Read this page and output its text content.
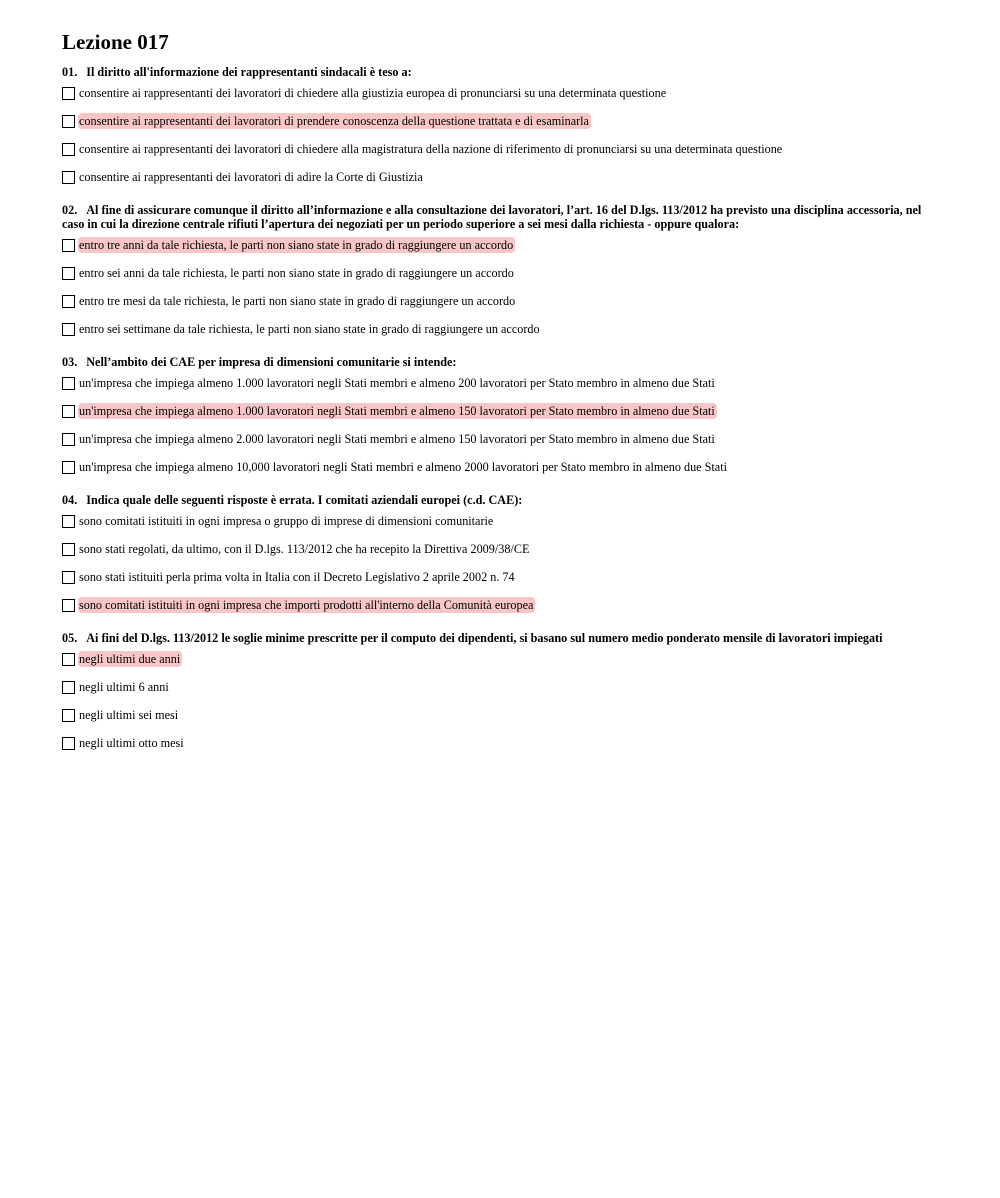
Lezione 017

01. Il diritto all'informazione dei rappresentanti sindacali è teso a:

consentire ai rappresentanti dei lavoratori di chiedere alla giustizia europea di pronunciarsi su una determinata questione
consentire ai rappresentanti dei lavoratori di prendere conoscenza della questione trattata e di esaminarla
consentire ai rappresentanti dei lavoratori di chiedere alla magistratura della nazione di riferimento di pronunciarsi su una determinata questione
consentire ai rappresentanti dei lavoratori di adire la Corte di Giustizia

02. Al fine di assicurare comunque il diritto all’informazione e alla consultazione dei lavoratori, l’art. 16 del D.lgs. 113/2012 ha previsto una disciplina accessoria, nel caso in cui la direzione centrale rifiuti l’apertura dei negoziati per un periodo superiore a sei mesi dalla richiesta - oppure qualora:

entro tre anni da tale richiesta, le parti non siano state in grado di raggiungere un accordo
entro sei anni da tale richiesta, le parti non siano state in grado di raggiungere un accordo
entro tre mesi da tale richiesta, le parti non siano state in grado di raggiungere un accordo
entro sei settimane da tale richiesta, le parti non siano state in grado di raggiungere un accordo

03. Nell’ambito dei CAE per impresa di dimensioni comunitarie si intende:

un'impresa che impiega almeno 1.000 lavoratori negli Stati membri e almeno 200 lavoratori per Stato membro in almeno due Stati
un'impresa che impiega almeno 1.000 lavoratori negli Stati membri e almeno 150 lavoratori per Stato membro in almeno due Stati
un'impresa che impiega almeno 2.000 lavoratori negli Stati membri e almeno 150 lavoratori per Stato membro in almeno due Stati
un'impresa che impiega almeno 10,000 lavoratori negli Stati membri e almeno 2000 lavoratori per Stato membro in almeno due Stati

04. Indica quale delle seguenti risposte è errata. I comitati aziendali europei (c.d. CAE):

sono comitati istituiti in ogni impresa o gruppo di imprese di dimensioni comunitarie
sono stati regolati, da ultimo, con il D.lgs. 113/2012 che ha recepito la Direttiva 2009/38/CE
sono stati istituiti perla prima volta in Italia con il Decreto Legislativo 2 aprile 2002 n. 74
sono comitati istituiti in ogni impresa che importi prodotti all'interno della Comunità europea

05. Ai fini del D.lgs. 113/2012 le soglie minime prescritte per il computo dei dipendenti, si basano sul numero medio ponderato mensile di lavoratori impiegati

negli ultimi due anni
negli ultimi 6 anni
negli ultimi sei mesi
negli ultimi otto mesi
